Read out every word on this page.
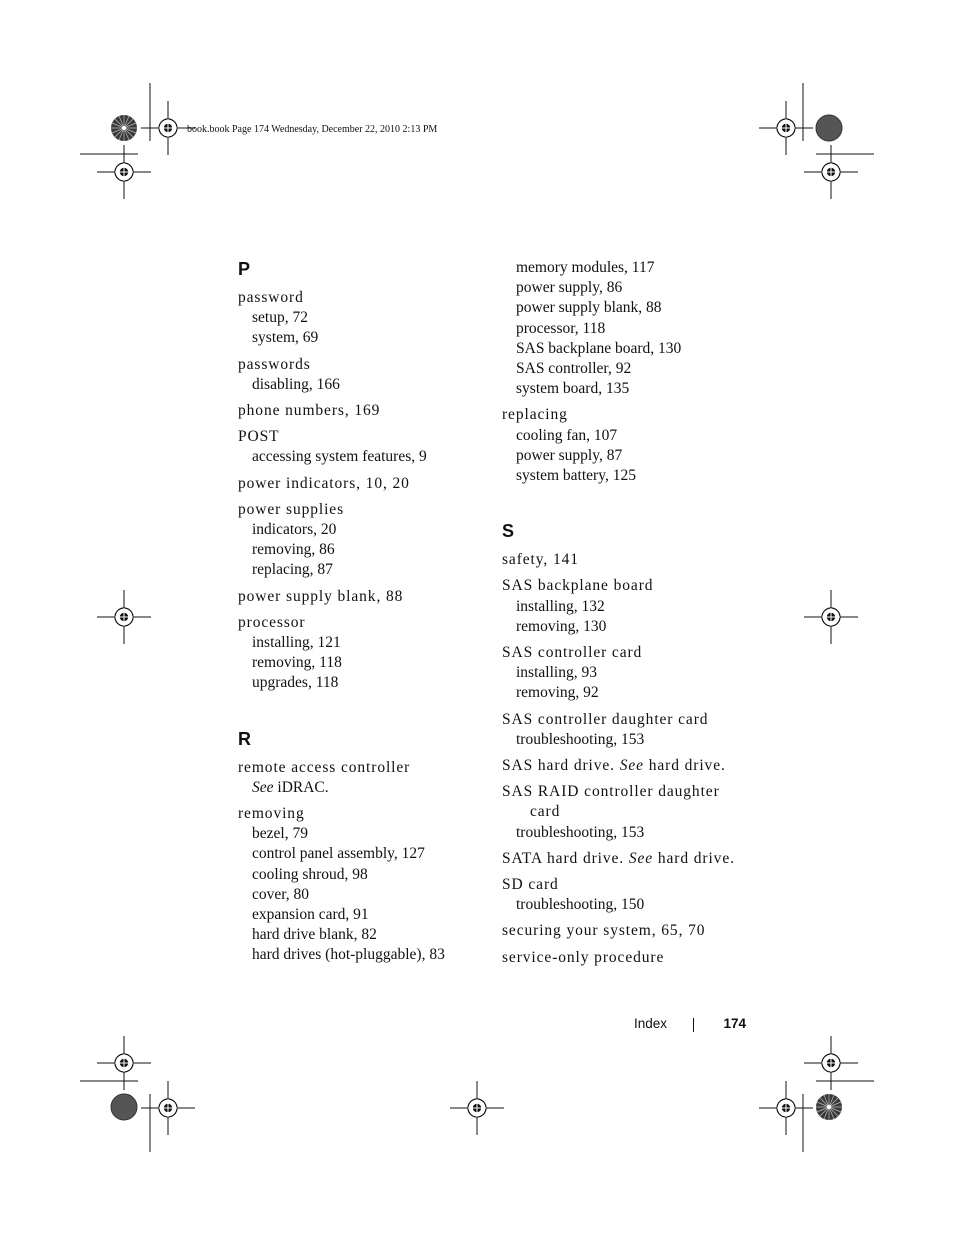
book.book Page 174 Wednesday, December 22, 2010 2:13 PM
P
password
setup, 72
system, 69
passwords
disabling, 166
phone numbers, 169
POST
accessing system features, 9
power indicators, 10, 20
power supplies
indicators, 20
removing, 86
replacing, 87
power supply blank, 88
processor
installing, 121
removing, 118
upgrades, 118
R
remote access controller
See iDRAC.
removing
bezel, 79
control panel assembly, 127
cooling shroud, 98
cover, 80
expansion card, 91
hard drive blank, 82
hard drives (hot-pluggable), 83
memory modules, 117
power supply, 86
power supply blank, 88
processor, 118
SAS backplane board, 130
SAS controller, 92
system board, 135
replacing
cooling fan, 107
power supply, 87
system battery, 125
S
safety, 141
SAS backplane board
installing, 132
removing, 130
SAS controller card
installing, 93
removing, 92
SAS controller daughter card
troubleshooting, 153
SAS hard drive. See hard drive.
SAS RAID controller daughter
card
troubleshooting, 153
SATA hard drive. See hard drive.
SD card
troubleshooting, 150
securing your system, 65, 70
service-only procedure
Index	174
